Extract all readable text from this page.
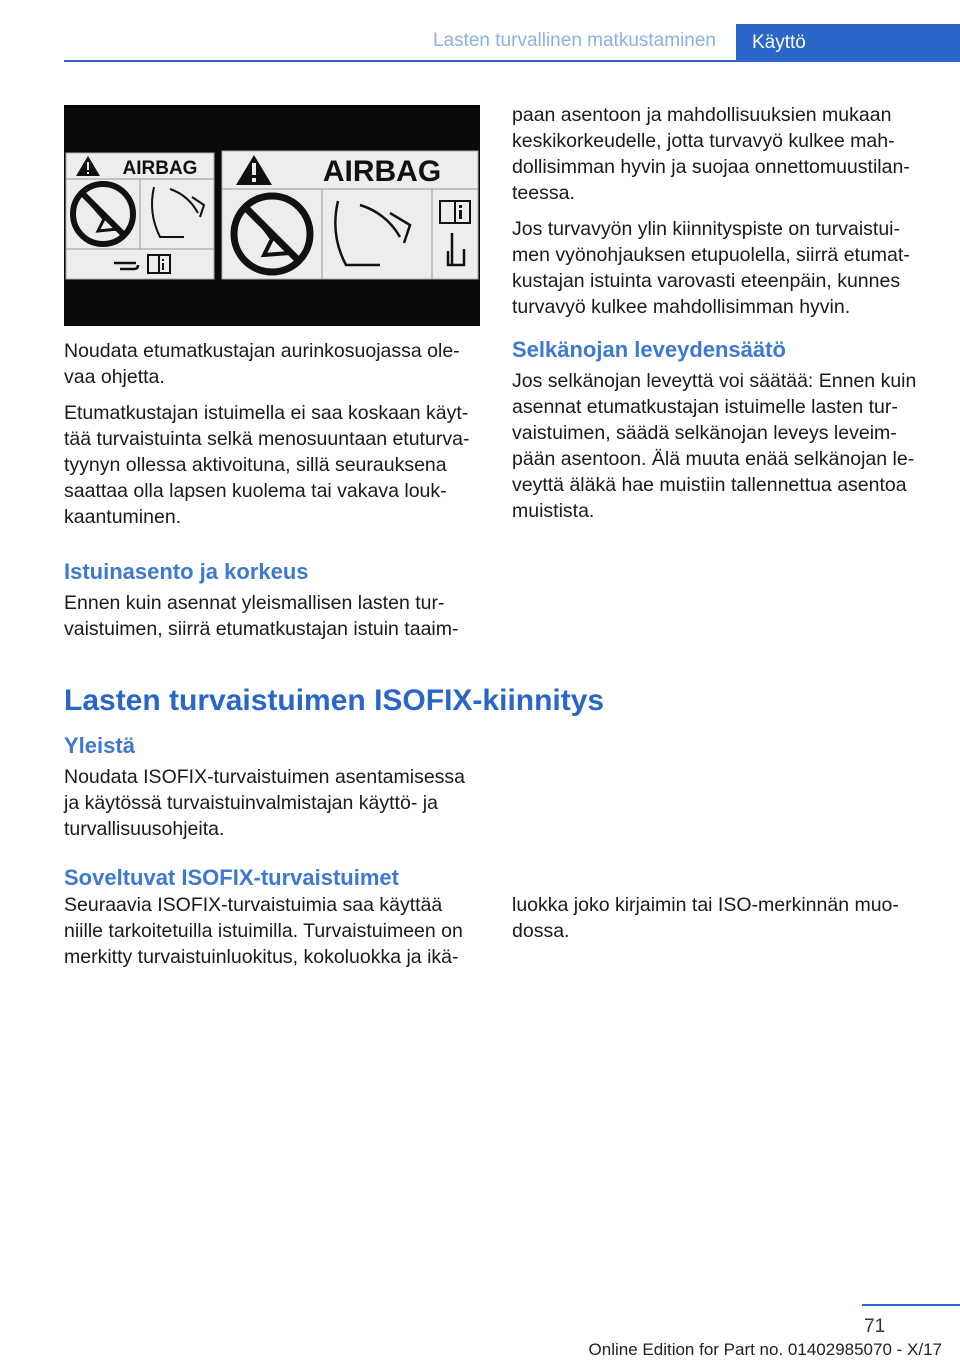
Lasten turvallinen matkustaminen	Käyttö
AIRBAG	AIRBAG

Noudata etumatkustajan aurinkosuojassa ole-vaa ohjetta.

Etumatkustajan istuimella ei saa koskaan käyt-tää turvaistuinta selkä menosuuntaan etuturva-tyynyn ollessa aktivoituna, sillä seurauksena saattaa olla lapsen kuolema tai vakava louk-kaantuminen.

Istuinasento ja korkeus

Ennen kuin asennat yleismallisen lasten tur-vaistuimen, siirrä etumatkustajan istuin taaim-

paan asentoon ja mahdollisuuksien mukaan keskikorkeudelle, jotta turvavyö kulkee mah-dollisimman hyvin ja suojaa onnettomuustilan-teessa.

Jos turvavyön ylin kiinnityspiste on turvaistui-men vyönohjauksen etupuolella, siirrä etumat-kustajan istuinta varovasti eteenpäin, kunnes turvavyö kulkee mahdollisimman hyvin.

Selkänojan leveydensäätö

Jos selkänojan leveyttä voi säätää: Ennen kuin asennat etumatkustajan istuimelle lasten tur-vaistuimen, säädä selkänojan leveys leveim-pään asentoon. Älä muuta enää selkänojan le-veyttä äläkä hae muistiin tallennettua asentoa muistista.

Lasten turvaistuimen ISOFIX-kiinnitys
Yleistä

Noudata ISOFIX-turvaistuimen asentamisessa ja käytössä turvaistuinvalmistajan käyttö- ja turvallisuusohjeita.

Soveltuvat ISOFIX-turvaistuimet

Seuraavia ISOFIX-turvaistuimia saa käyttää niille tarkoitetuilla istuimilla. Turvaistuimeen on merkitty turvaistuinluokitus, kokoluokka ja ikä-

luokka joko kirjaimin tai ISO-merkinnän muo-dossa.

71
Online Edition for Part no. 01402985070 - X/17
